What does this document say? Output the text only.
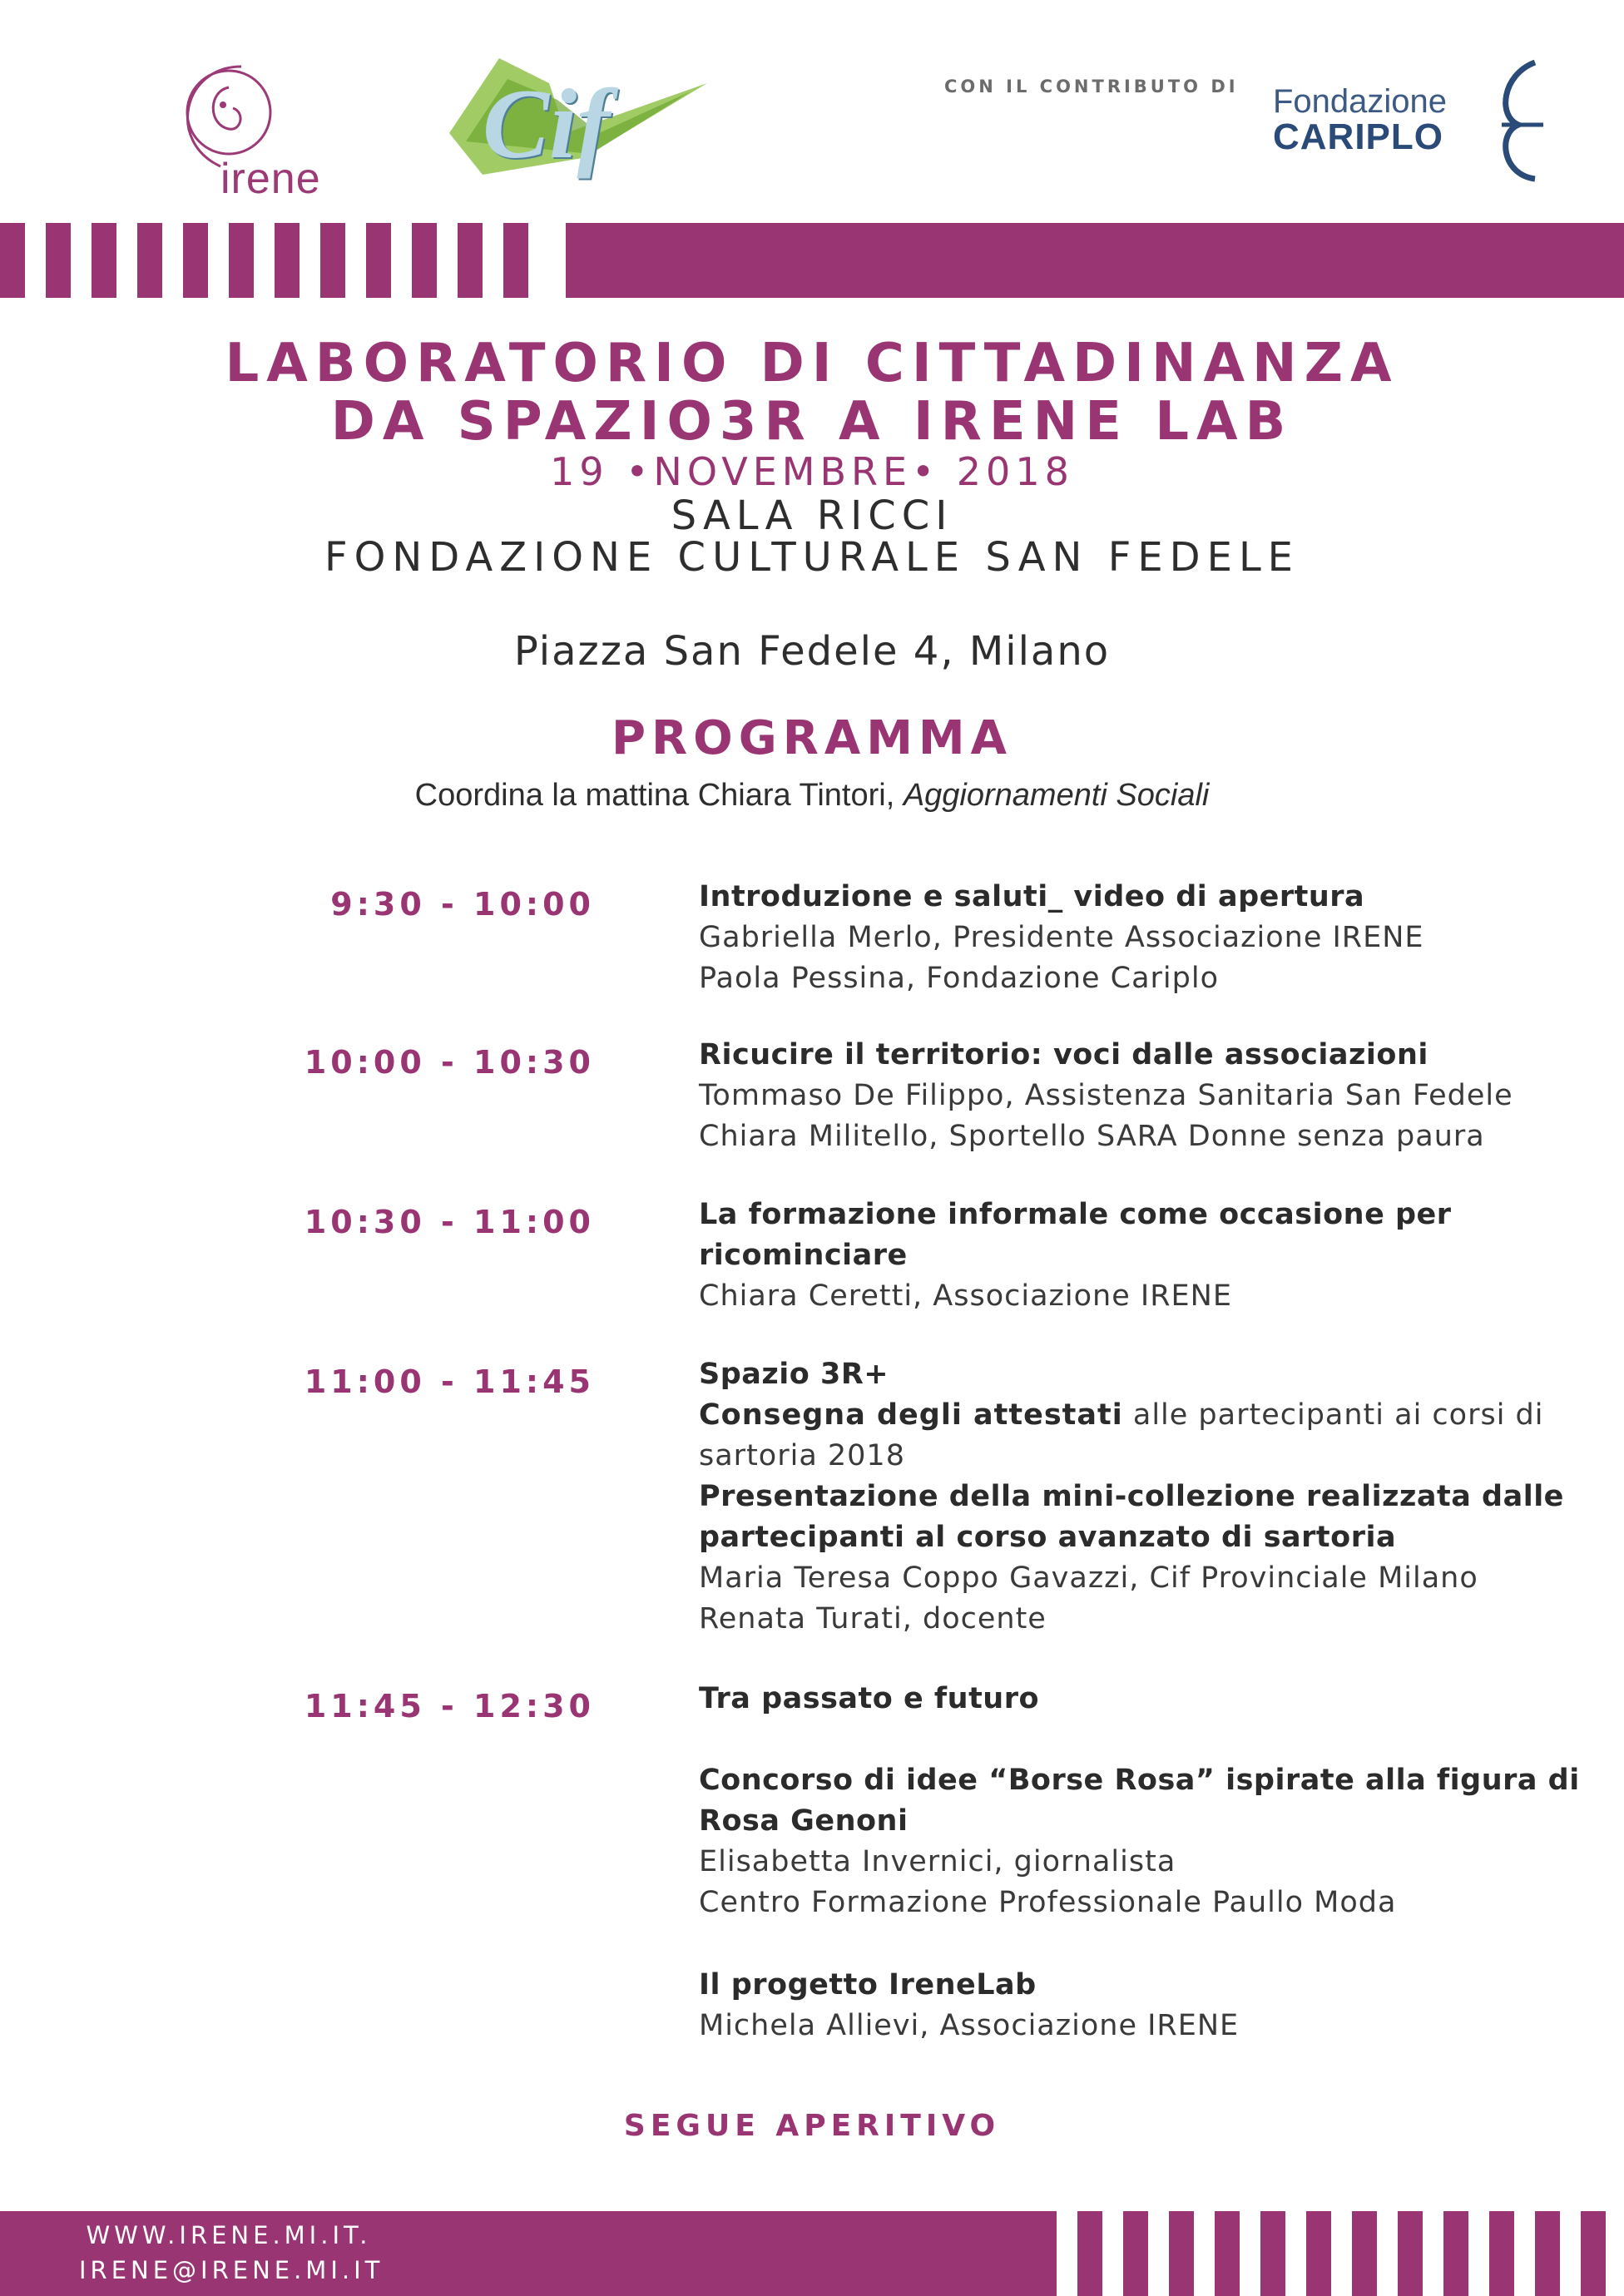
irene Cif	CON IL CONTRIBUTO DI Fondazione
CARIPLO
LABORATORIO DI CITTADINANZA
DA SPAZIO3R A IRENE LAB
19 •NOVEMBRE• 2018
SALA RICCI
FONDAZIONE CULTURALE SAN FEDELE
Piazza San Fedele 4, Milano
PROGRAMMA
Coordina la mattina Chiara Tintori, Aggiornamenti Sociali
9:30 - 10:00	Introduzione e saluti_ video di apertura
Gabriella Merlo, Presidente Associazione IRENE
Paola Pessina, Fondazione Cariplo
10:00 - 10:30	Ricucire il territorio: voci dalle associazioni
Tommaso De Filippo, Assistenza Sanitaria San Fedele
Chiara Militello, Sportello SARA Donne senza paura
10:30 - 11:00	La formazione informale come occasione per
ricominciare
Chiara Ceretti, Associazione IRENE
11:00 - 11:45	Spazio 3R+
Consegna degli attestati alle partecipanti ai corsi di
sartoria 2018
Presentazione della mini-collezione realizzata dalle
partecipanti al corso avanzato di sartoria
Maria Teresa Coppo Gavazzi, Cif Provinciale Milano
Renata Turati, docente
11:45 - 12:30	Tra passato e futuro
Concorso di idee “Borse Rosa” ispirate alla figura di
Rosa Genoni
Elisabetta Invernici, giornalista
Centro Formazione Professionale Paullo Moda
Il progetto IreneLab
Michela Allievi, Associazione IRENE
SEGUE APERITIVO
WWW.IRENE.MI.IT.
IRENE@IRENE.MI.IT
